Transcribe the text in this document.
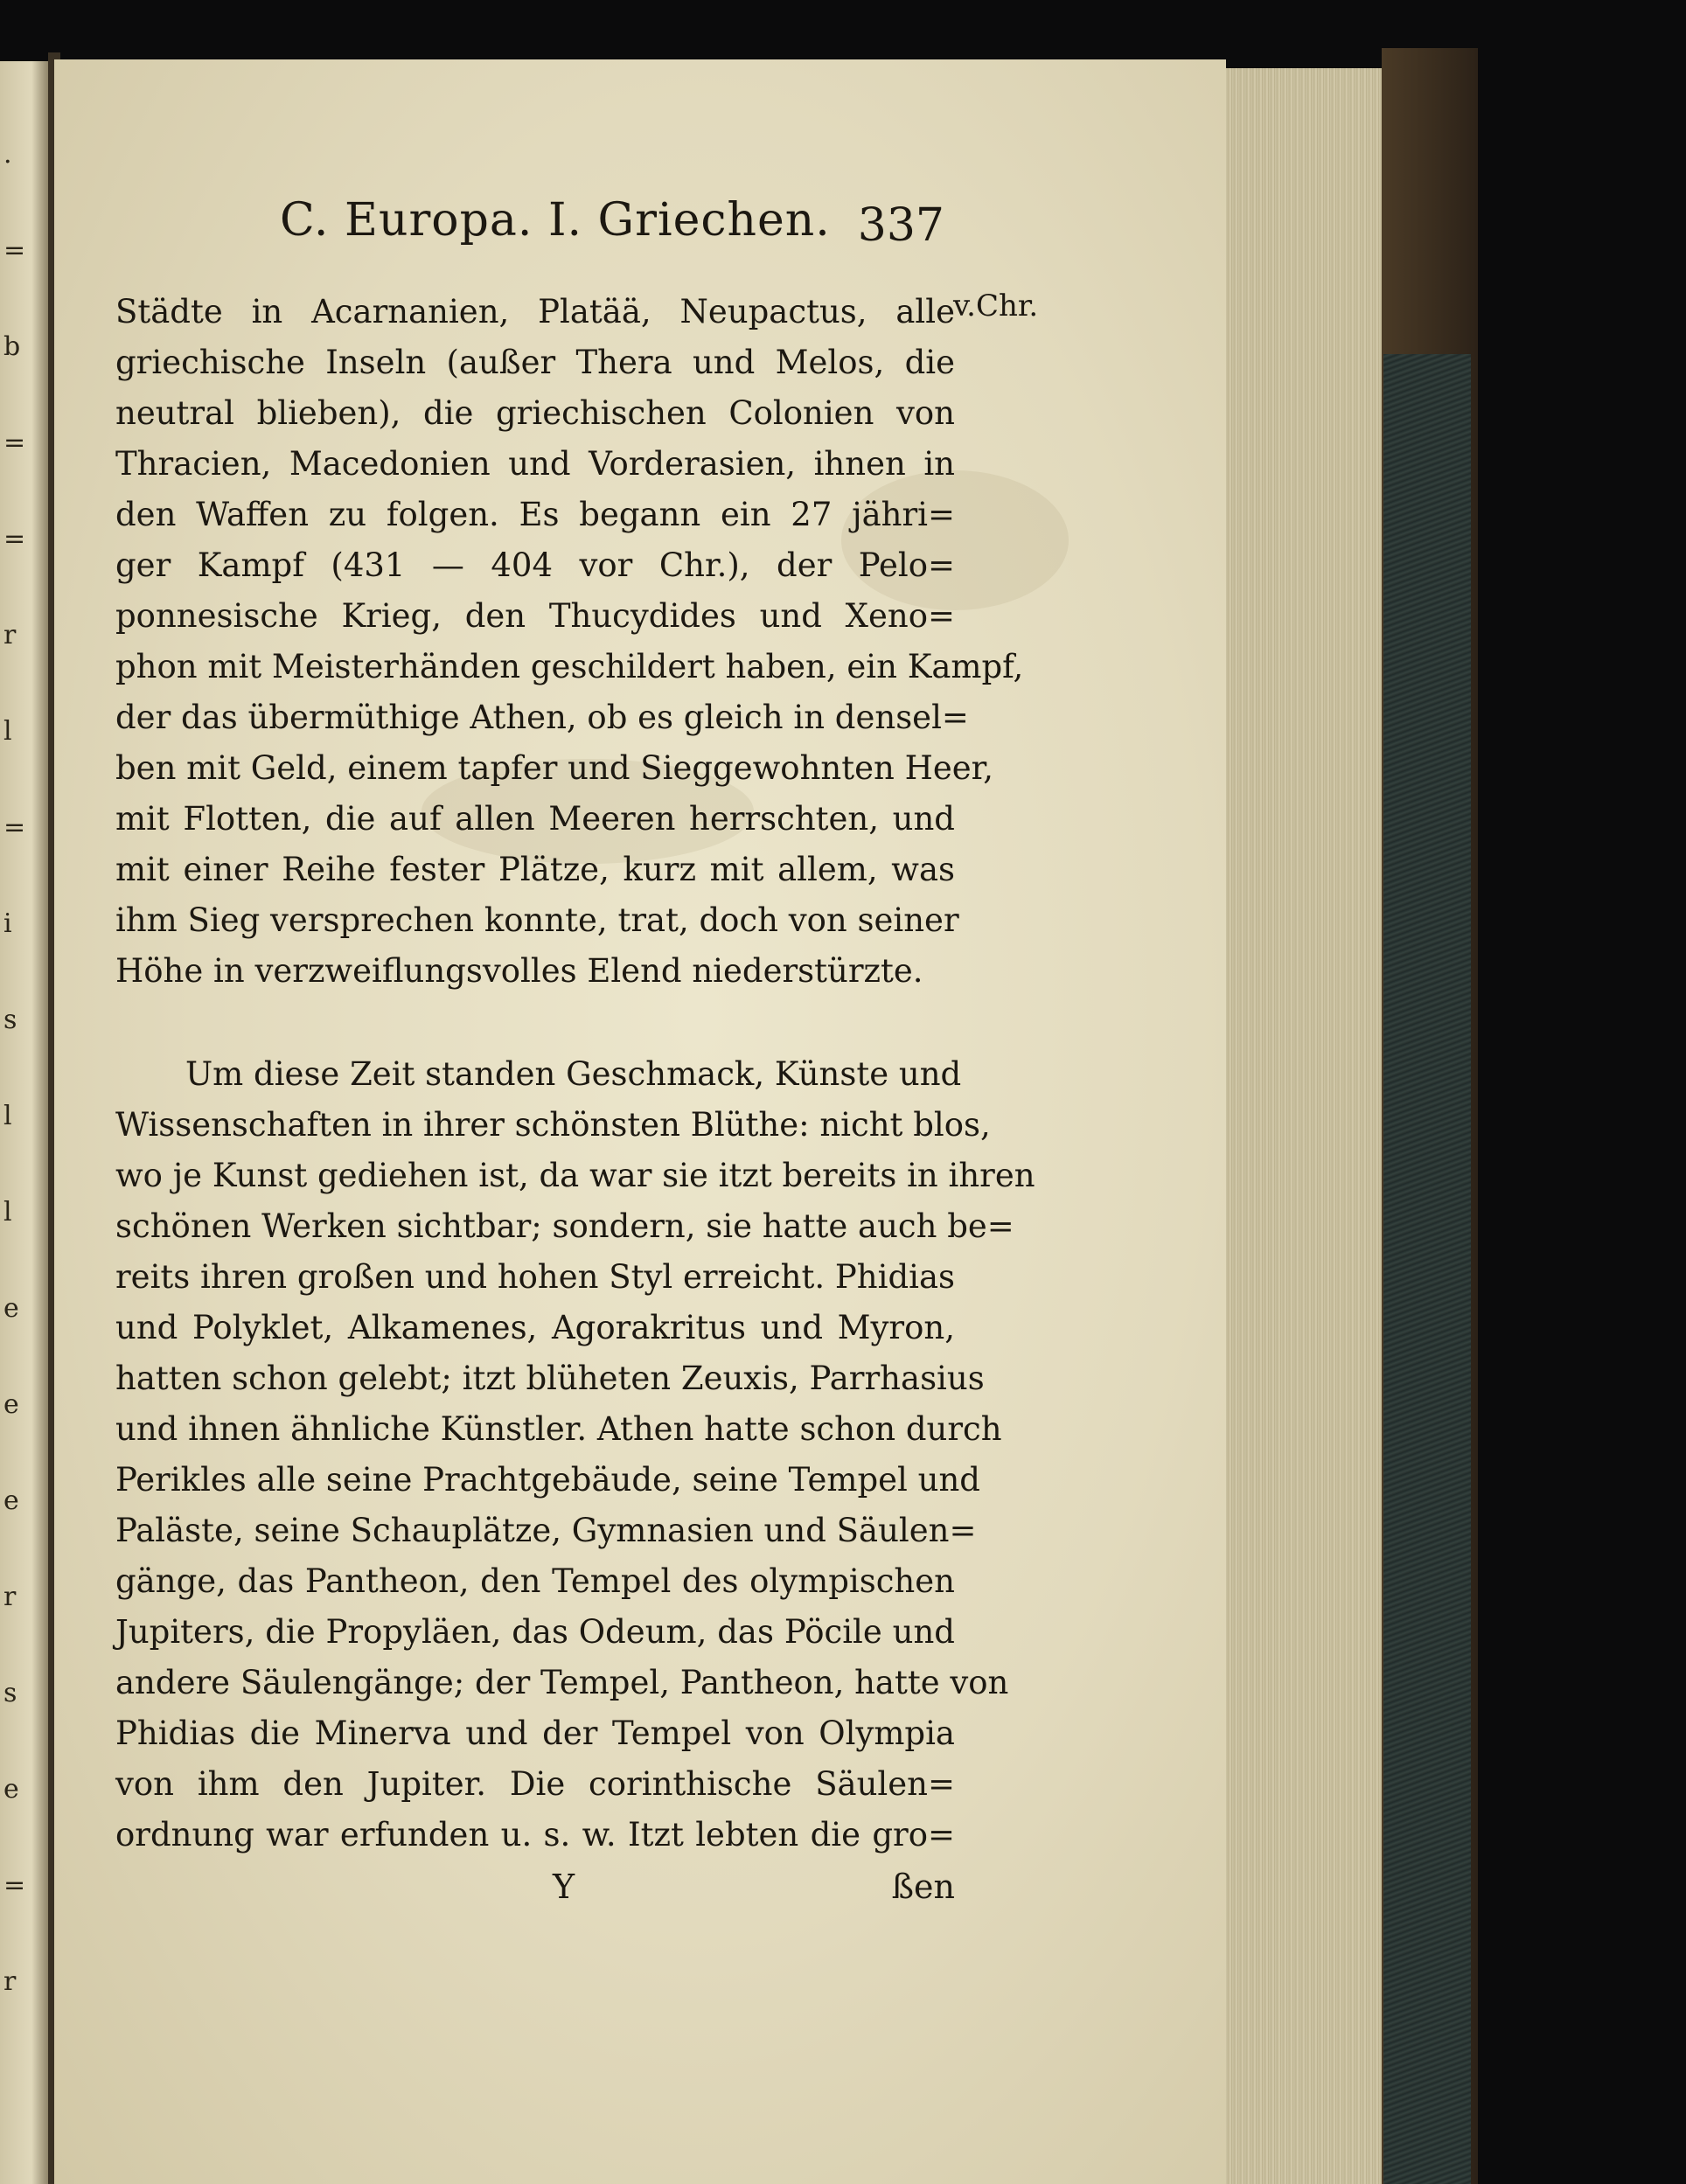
.
=
b
=
=
r
l
=
i
s
l
l
e
e
e
r
s
e
=
r
C. Europa. I. Griechen. 337
v.Chr.
Städte in Acarnanien, Platää, Neupactus, alle
griechische Inseln (außer Thera und Melos, die
neutral blieben), die griechischen Colonien von
Thracien, Macedonien und Vorderasien, ihnen in
den Waffen zu folgen. Es begann ein 27 jähri=
ger Kampf (431 — 404 vor Chr.), der Pelo=
ponnesische Krieg, den Thucydides und Xeno=
phon mit Meisterhänden geschildert haben, ein Kampf,
der das übermüthige Athen, ob es gleich in densel=
ben mit Geld, einem tapfer und Sieggewohnten Heer,
mit Flotten, die auf allen Meeren herrschten, und
mit einer Reihe fester Plätze, kurz mit allem, was
ihm Sieg versprechen konnte, trat, doch von seiner
Höhe in verzweiflungsvolles Elend niederstürzte.
Um diese Zeit standen Geschmack, Künste und
Wissenschaften in ihrer schönsten Blüthe: nicht blos,
wo je Kunst gediehen ist, da war sie itzt bereits in ihren
schönen Werken sichtbar; sondern, sie hatte auch be=
reits ihren großen und hohen Styl erreicht. Phidias
und Polyklet, Alkamenes, Agorakritus und Myron,
hatten schon gelebt; itzt blüheten Zeuxis, Parrhasius
und ihnen ähnliche Künstler. Athen hatte schon durch
Perikles alle seine Prachtgebäude, seine Tempel und
Paläste, seine Schauplätze, Gymnasien und Säulen=
gänge, das Pantheon, den Tempel des olympischen
Jupiters, die Propyläen, das Odeum, das Pöcile und
andere Säulengänge; der Tempel, Pantheon, hatte von
Phidias die Minerva und der Tempel von Olympia
von ihm den Jupiter. Die corinthische Säulen=
ordnung war erfunden u. s. w. Itzt lebten die gro=
Y	ßen
